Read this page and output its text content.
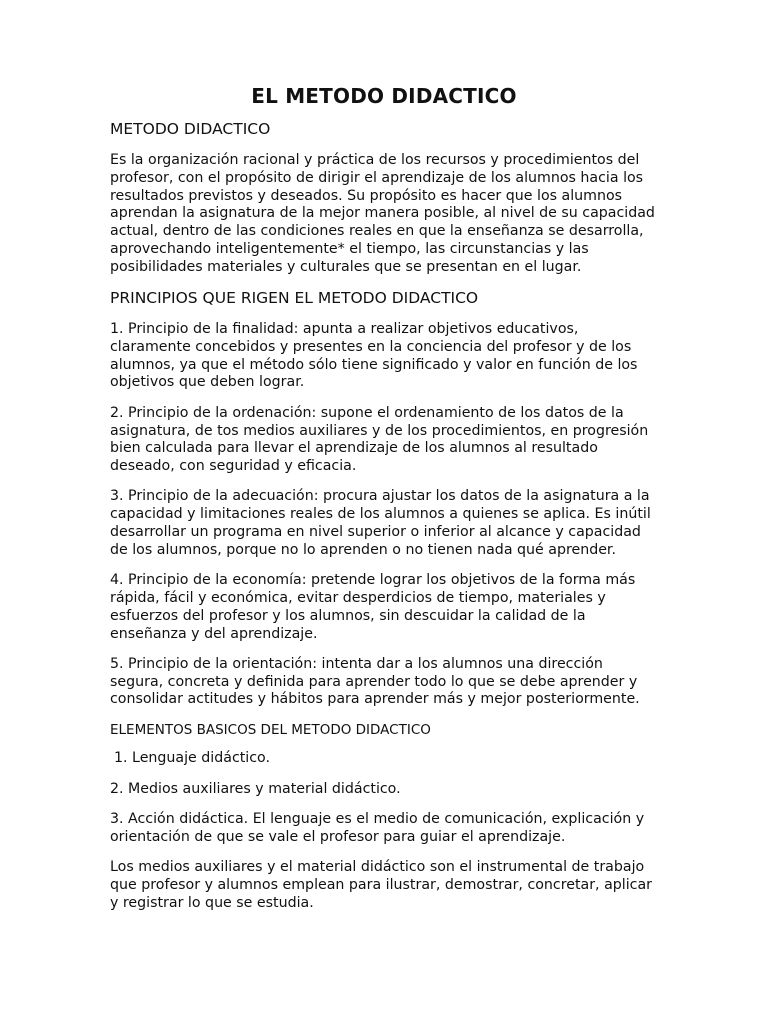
EL METODO DIDACTICO
METODO DIDACTICO

Es la organización racional y práctica de los recursos y procedimientos del profesor, con el propósito de dirigir el aprendizaje de los alumnos hacia los resultados previstos y deseados. Su propósito es hacer que los alumnos aprendan la asignatura de la mejor manera posible, al nivel de su capacidad actual, dentro de las condiciones reales en que la enseñanza se desarrolla, aprovechando inteligentemente* el tiempo, las circunstancias y las posibilidades materiales y culturales que se presentan en el lugar.

PRINCIPIOS QUE RIGEN EL METODO DIDACTICO

1. Principio de la finalidad: apunta a realizar objetivos educativos, claramente concebidos y presentes en la conciencia del profesor y de los alumnos, ya que el método sólo tiene significado y valor en función de los objetivos que deben lograr.

2. Principio de la ordenación: supone el ordenamiento de los datos de la asignatura, de tos medios auxiliares y de los procedimientos, en progresión bien calculada para llevar el aprendizaje de los alumnos al resultado deseado, con seguridad y eficacia.

3. Principio de la adecuación: procura ajustar los datos de la asignatura a la capacidad y limitaciones reales de los alumnos a quienes se aplica. Es inútil desarrollar un programa en nivel superior o inferior al alcance y capacidad de los alumnos, porque no lo aprenden o no tienen nada qué aprender.

4. Principio de la economía: pretende lograr los objetivos de la forma más rápida, fácil y económica, evitar desperdicios de tiempo, materiales y esfuerzos del profesor y los alumnos, sin descuidar la calidad de la enseñanza y del aprendizaje.

5. Principio de la orientación: intenta dar a los alumnos una dirección segura, concreta y definida para aprender todo lo que se debe aprender y consolidar actitudes y hábitos para aprender más y mejor posteriormente.

ELEMENTOS BASICOS DEL METODO DIDACTICO

1. Lenguaje didáctico.

2. Medios auxiliares y material didáctico.

3. Acción didáctica. El lenguaje es el medio de comunicación, explicación y orientación de que se vale el profesor para guiar el aprendizaje.

Los medios auxiliares y el material didáctico son el instrumental de trabajo que profesor y alumnos emplean para ilustrar, demostrar, concretar, aplicar y registrar lo que se estudia.
